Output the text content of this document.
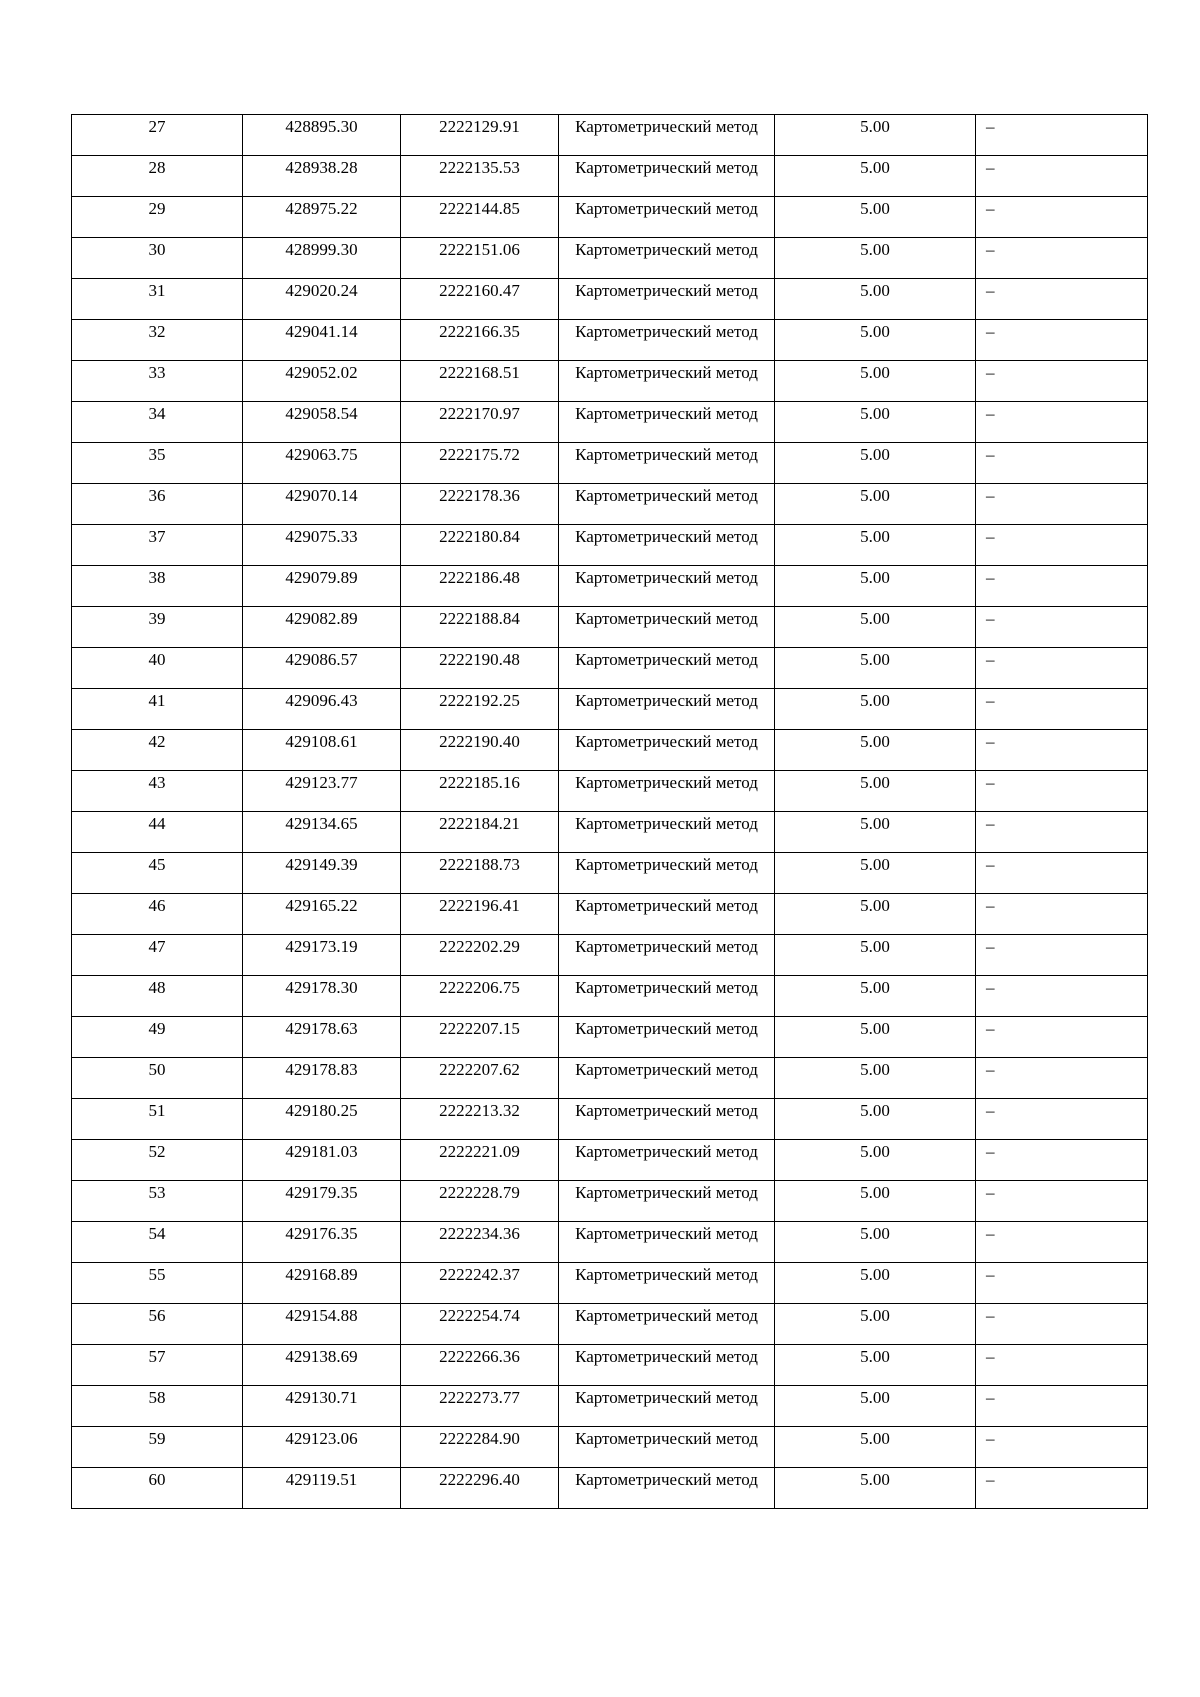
27	428895.30	2222129.91	Картометрический метод	5.00	–
28	428938.28	2222135.53	Картометрический метод	5.00	–
29	428975.22	2222144.85	Картометрический метод	5.00	–
30	428999.30	2222151.06	Картометрический метод	5.00	–
31	429020.24	2222160.47	Картометрический метод	5.00	–
32	429041.14	2222166.35	Картометрический метод	5.00	–
33	429052.02	2222168.51	Картометрический метод	5.00	–
34	429058.54	2222170.97	Картометрический метод	5.00	–
35	429063.75	2222175.72	Картометрический метод	5.00	–
36	429070.14	2222178.36	Картометрический метод	5.00	–
37	429075.33	2222180.84	Картометрический метод	5.00	–
38	429079.89	2222186.48	Картометрический метод	5.00	–
39	429082.89	2222188.84	Картометрический метод	5.00	–
40	429086.57	2222190.48	Картометрический метод	5.00	–
41	429096.43	2222192.25	Картометрический метод	5.00	–
42	429108.61	2222190.40	Картометрический метод	5.00	–
43	429123.77	2222185.16	Картометрический метод	5.00	–
44	429134.65	2222184.21	Картометрический метод	5.00	–
45	429149.39	2222188.73	Картометрический метод	5.00	–
46	429165.22	2222196.41	Картометрический метод	5.00	–
47	429173.19	2222202.29	Картометрический метод	5.00	–
48	429178.30	2222206.75	Картометрический метод	5.00	–
49	429178.63	2222207.15	Картометрический метод	5.00	–
50	429178.83	2222207.62	Картометрический метод	5.00	–
51	429180.25	2222213.32	Картометрический метод	5.00	–
52	429181.03	2222221.09	Картометрический метод	5.00	–
53	429179.35	2222228.79	Картометрический метод	5.00	–
54	429176.35	2222234.36	Картометрический метод	5.00	–
55	429168.89	2222242.37	Картометрический метод	5.00	–
56	429154.88	2222254.74	Картометрический метод	5.00	–
57	429138.69	2222266.36	Картометрический метод	5.00	–
58	429130.71	2222273.77	Картометрический метод	5.00	–
59	429123.06	2222284.90	Картометрический метод	5.00	–
60	429119.51	2222296.40	Картометрический метод	5.00	–
